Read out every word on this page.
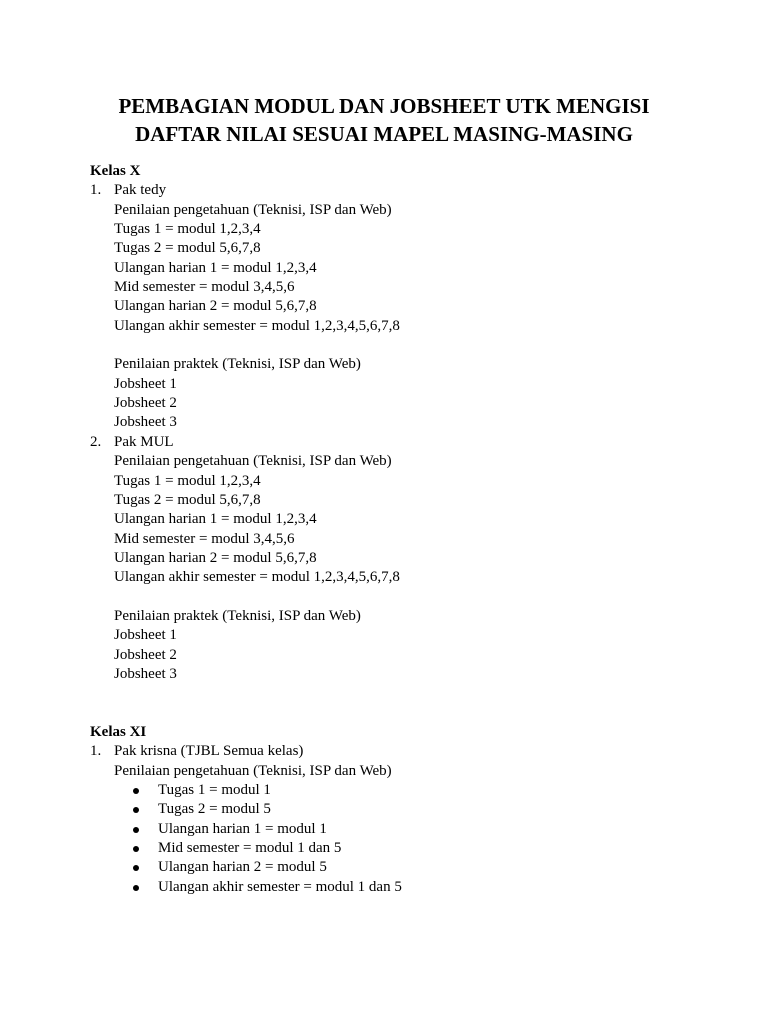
PEMBAGIAN MODUL DAN JOBSHEET UTK MENGISI
DAFTAR NILAI SESUAI MAPEL MASING-MASING
Kelas X
1. Pak tedy
Penilaian pengetahuan (Teknisi, ISP dan Web)
Tugas 1 = modul 1,2,3,4
Tugas 2 = modul 5,6,7,8
Ulangan harian 1 = modul 1,2,3,4
Mid semester = modul 3,4,5,6
Ulangan harian 2 = modul 5,6,7,8
Ulangan akhir semester = modul 1,2,3,4,5,6,7,8
Penilaian praktek (Teknisi, ISP dan Web)
Jobsheet 1
Jobsheet 2
Jobsheet 3
2. Pak MUL
Penilaian pengetahuan (Teknisi, ISP dan Web)
Tugas 1 = modul 1,2,3,4
Tugas 2 = modul 5,6,7,8
Ulangan harian 1 = modul 1,2,3,4
Mid semester = modul 3,4,5,6
Ulangan harian 2 = modul 5,6,7,8
Ulangan akhir semester = modul 1,2,3,4,5,6,7,8
Penilaian praktek (Teknisi, ISP dan Web)
Jobsheet 1
Jobsheet 2
Jobsheet 3
Kelas XI
1. Pak krisna (TJBL Semua kelas)
Penilaian pengetahuan (Teknisi, ISP dan Web)
Tugas 1 = modul 1
Tugas 2 = modul 5
Ulangan harian 1 = modul 1
Mid semester = modul 1 dan 5
Ulangan harian 2 = modul 5
Ulangan akhir semester = modul 1 dan 5
